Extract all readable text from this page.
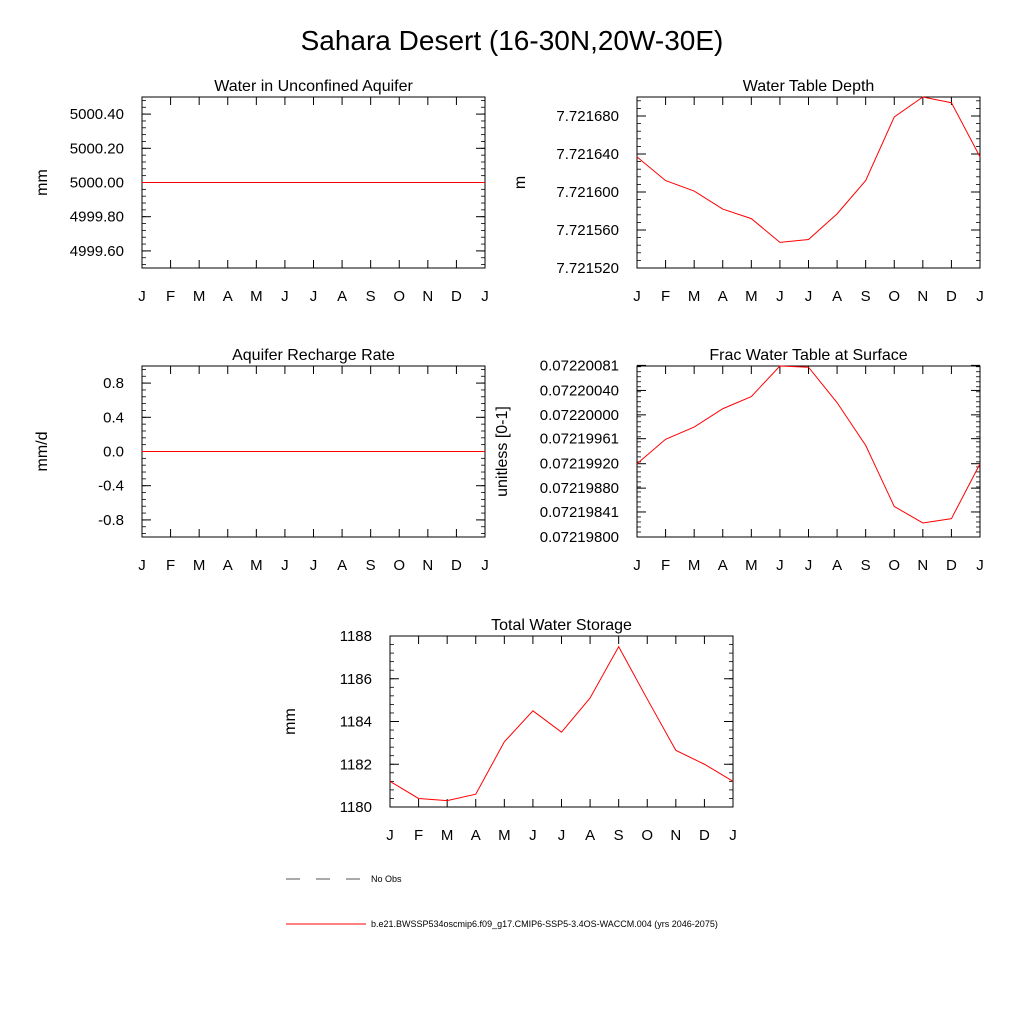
Sahara Desert (16-30N,20W-30E)
No Obs
b.e21.BWSSP534oscmip6.f09_g17.CMIP6-SSP5-3.4OS-WACCM.004 (yrs 2046-2075)
Water in Unconfined Aquifer
mm
J F M A M J J A S O N D J
4999.60
4999.80
5000.00
5000.20
5000.40
Water Table Depth
m
J F M A M J J A S O N D J
7.721520
7.721560
7.721600
7.721640
7.721680
Aquifer Recharge Rate
mm/d
J F M A M J J A S O N D J
-0.8
-0.4
0.0
0.4
0.8
Frac Water Table at Surface
unitless [0-1]
J F M A M J J A S O N D J
0.07219800
0.07219841
0.07219880
0.07219920
0.07219961
0.07220000
0.07220040
0.07220081
Total Water Storage
mm
J F M A M J J A S O N D J
1180
1182
1184
1186
1188
